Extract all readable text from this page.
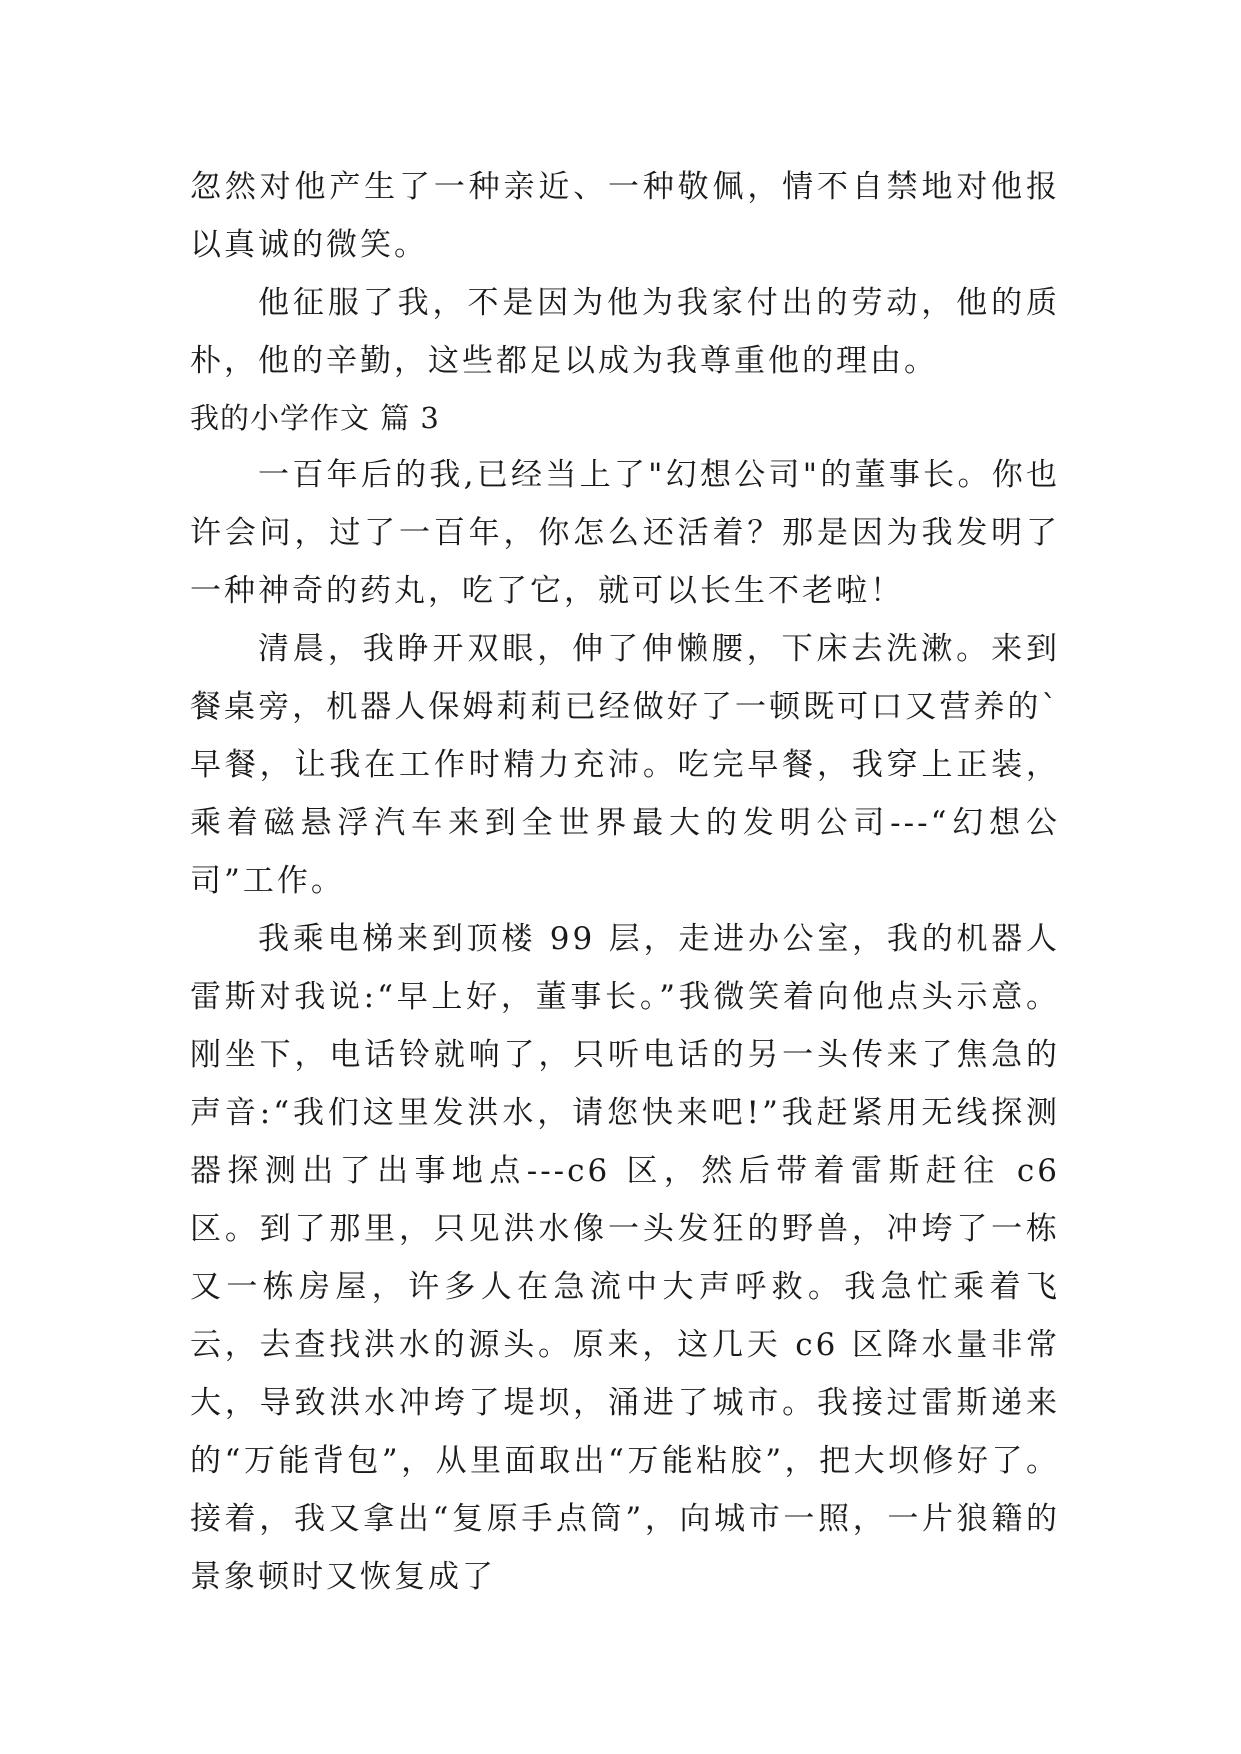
忽然对他产生了一种亲近、一种敬佩，情不自禁地对他报以真诚的微笑。

他征服了我，不是因为他为我家付出的劳动，他的质朴，他的辛勤，这些都足以成为我尊重他的理由。

我的小学作文 篇 3

一百年后的我,已经当上了"幻想公司"的董事长。你也许会问，过了一百年，你怎么还活着？那是因为我发明了一种神奇的药丸，吃了它，就可以长生不老啦！

清晨，我睁开双眼，伸了伸懒腰，下床去洗漱。来到餐桌旁，机器人保姆莉莉已经做好了一顿既可口又营养的`早餐，让我在工作时精力充沛。吃完早餐，我穿上正装，乘着磁悬浮汽车来到全世界最大的发明公司---“幻想公司”工作。

我乘电梯来到顶楼 99 层，走进办公室，我的机器人雷斯对我说:“早上好，董事长。”我微笑着向他点头示意。刚坐下，电话铃就响了，只听电话的另一头传来了焦急的声音:“我们这里发洪水，请您快来吧!”我赶紧用无线探测器探测出了出事地点---c6 区，然后带着雷斯赶往 c6 区。到了那里，只见洪水像一头发狂的野兽，冲垮了一栋又一栋房屋，许多人在急流中大声呼救。我急忙乘着飞云，去查找洪水的源头。原来，这几天 c6 区降水量非常大，导致洪水冲垮了堤坝，涌进了城市。我接过雷斯递来的“万能背包”，从里面取出“万能粘胶”，把大坝修好了。接着，我又拿出“复原手点筒”，向城市一照，一片狼籍的景象顿时又恢复成了
